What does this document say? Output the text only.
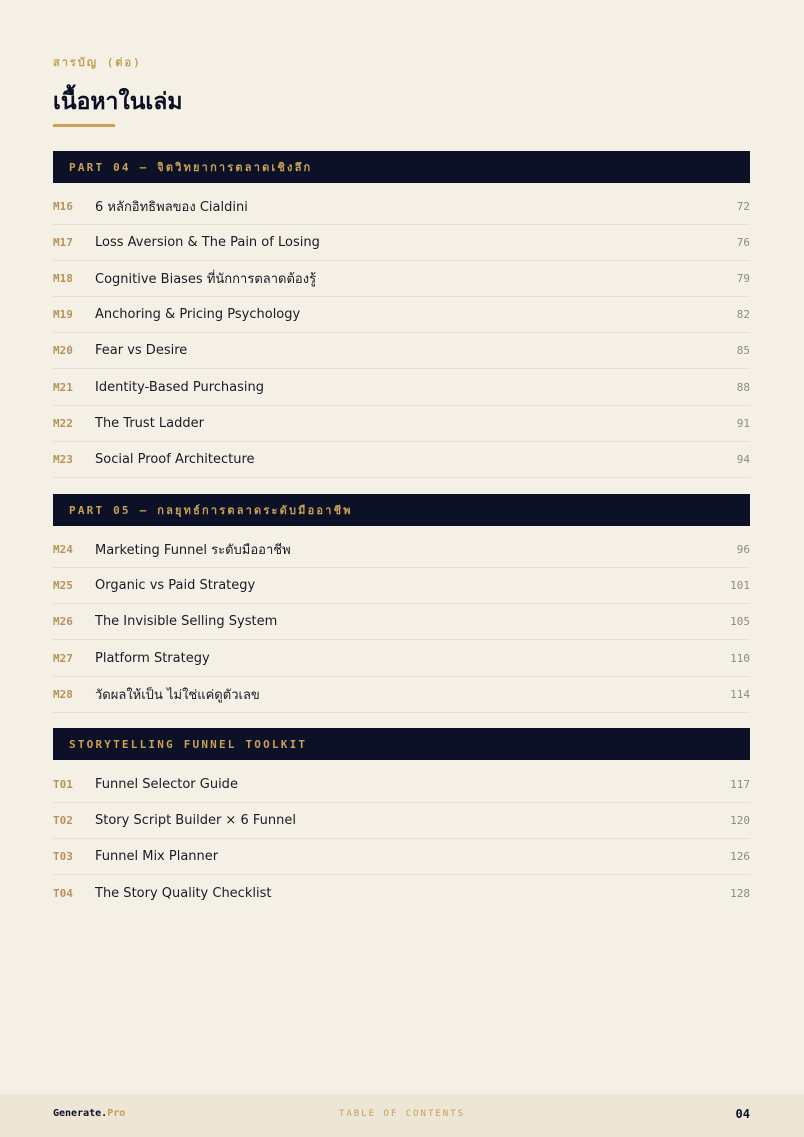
สารบัญ (ต่อ)
เนื้อหาในเล่ม
PART 04 — จิตวิทยาการตลาดเชิงลึก
M16	6 หลักอิทธิพลของ Cialdini	72
M17	Loss Aversion & The Pain of Losing	76
M18	Cognitive Biases ที่นักการตลาดต้องรู้	79
M19	Anchoring & Pricing Psychology	82
M20	Fear vs Desire	85
M21	Identity-Based Purchasing	88
M22	The Trust Ladder	91
M23	Social Proof Architecture	94
PART 05 — กลยุทธ์การตลาดระดับมืออาชีพ
M24	Marketing Funnel ระดับมืออาชีพ	96
M25	Organic vs Paid Strategy	101
M26	The Invisible Selling System	105
M27	Platform Strategy	110
M28	วัดผลให้เป็น ไม่ใช่แค่ดูตัวเลข	114
STORYTELLING FUNNEL TOOLKIT
T01	Funnel Selector Guide	117
T02	Story Script Builder × 6 Funnel	120
T03	Funnel Mix Planner	126
T04	The Story Quality Checklist	128
Generate.Pro	TABLE OF CONTENTS	04
